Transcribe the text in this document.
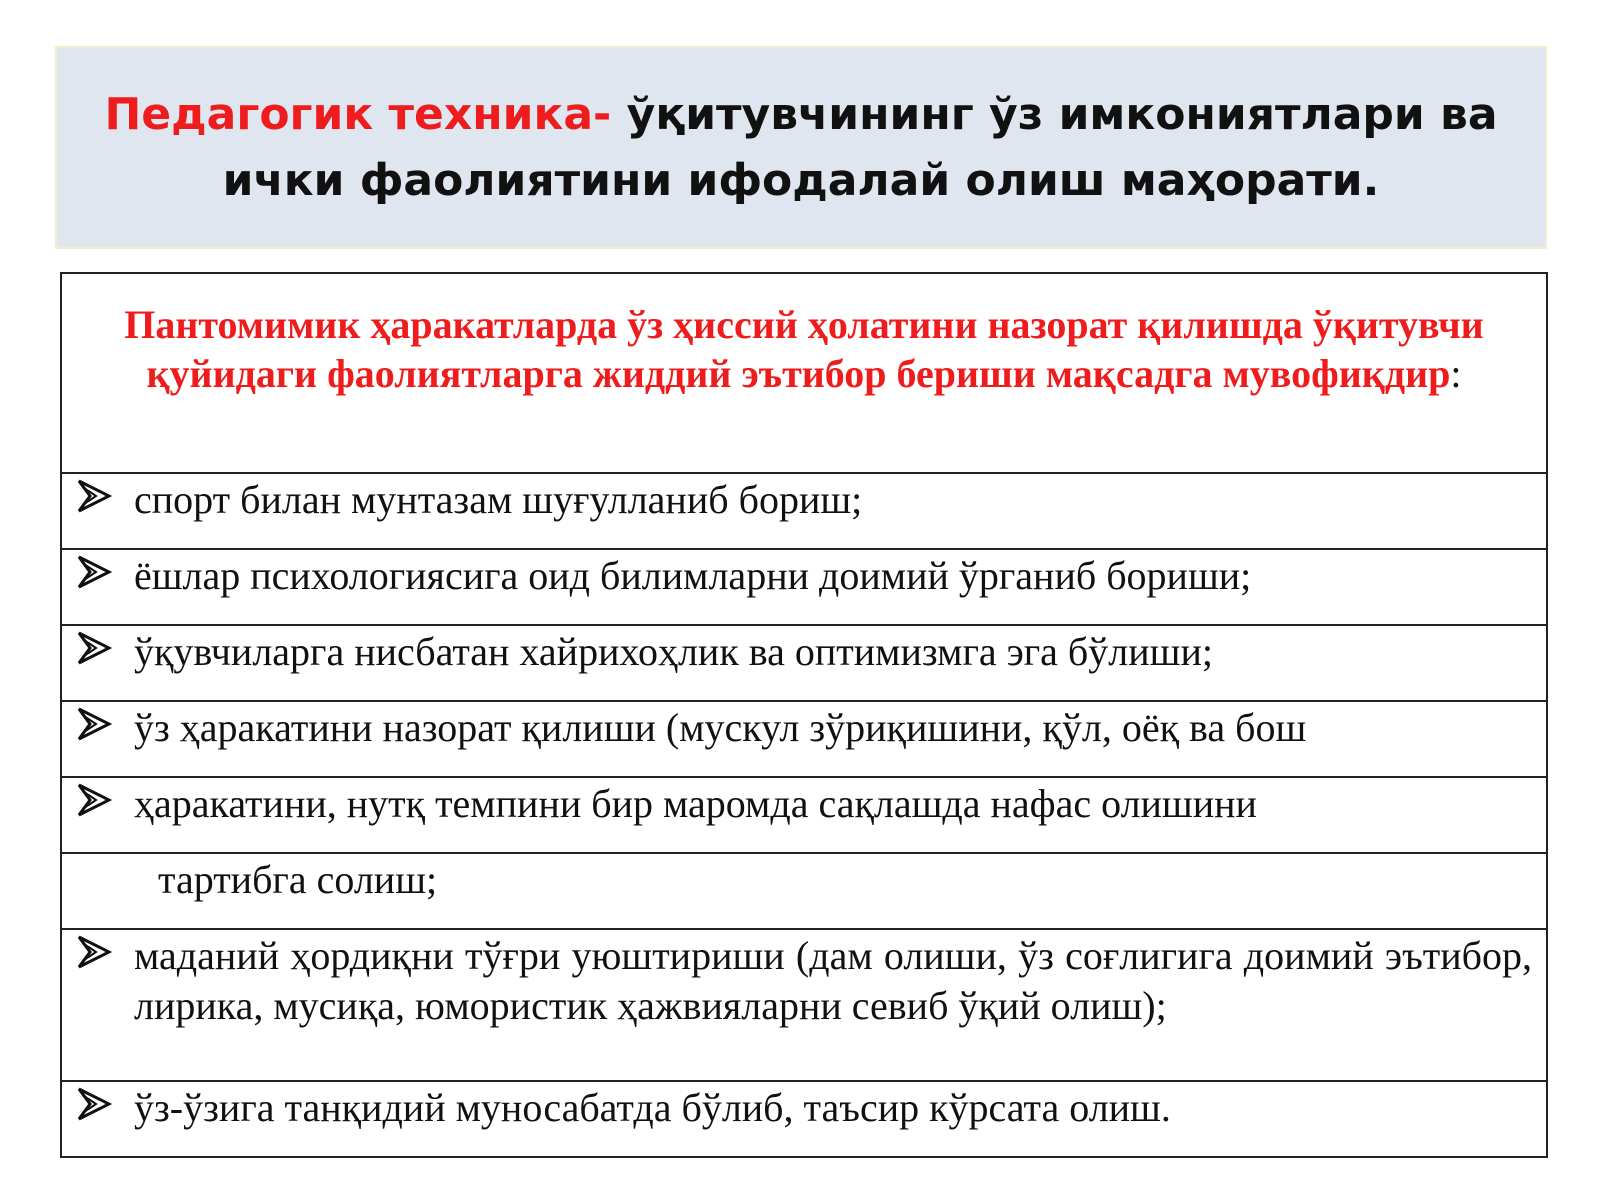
Педагогик техника- ўқитувчининг ўз имкониятлари ва ички фаолиятини ифодалай олиш маҳорати.
Пантомимик ҳаракатларда ўз ҳиссий ҳолатини назорат қилишда ўқитувчи қуйидаги фаолиятларга жиддий эътибор бериши мақсадга мувофиқдир:

спорт билан мунтазам шуғулланиб бориш;

ёшлар психологиясига оид билимларни доимий ўрганиб бориши;

ўқувчиларга нисбатан хайрихоҳлик ва оптимизмга эга бўлиши;

ўз ҳаракатини назорат қилиши (мускул зўриқишини, қўл, оёқ ва бош

ҳаракатини, нутқ темпини бир маромда сақлашда нафас олишини

тартибга солиш;

маданий ҳордиқни тўғри уюштириши (дам олиши, ўз соғлигига доимий эътибор, лирика, мусиқа, юмористик ҳажвияларни севиб ўқий олиш);

ўз-ўзига танқидий муносабатда бўлиб, таъсир кўрсата олиш.
